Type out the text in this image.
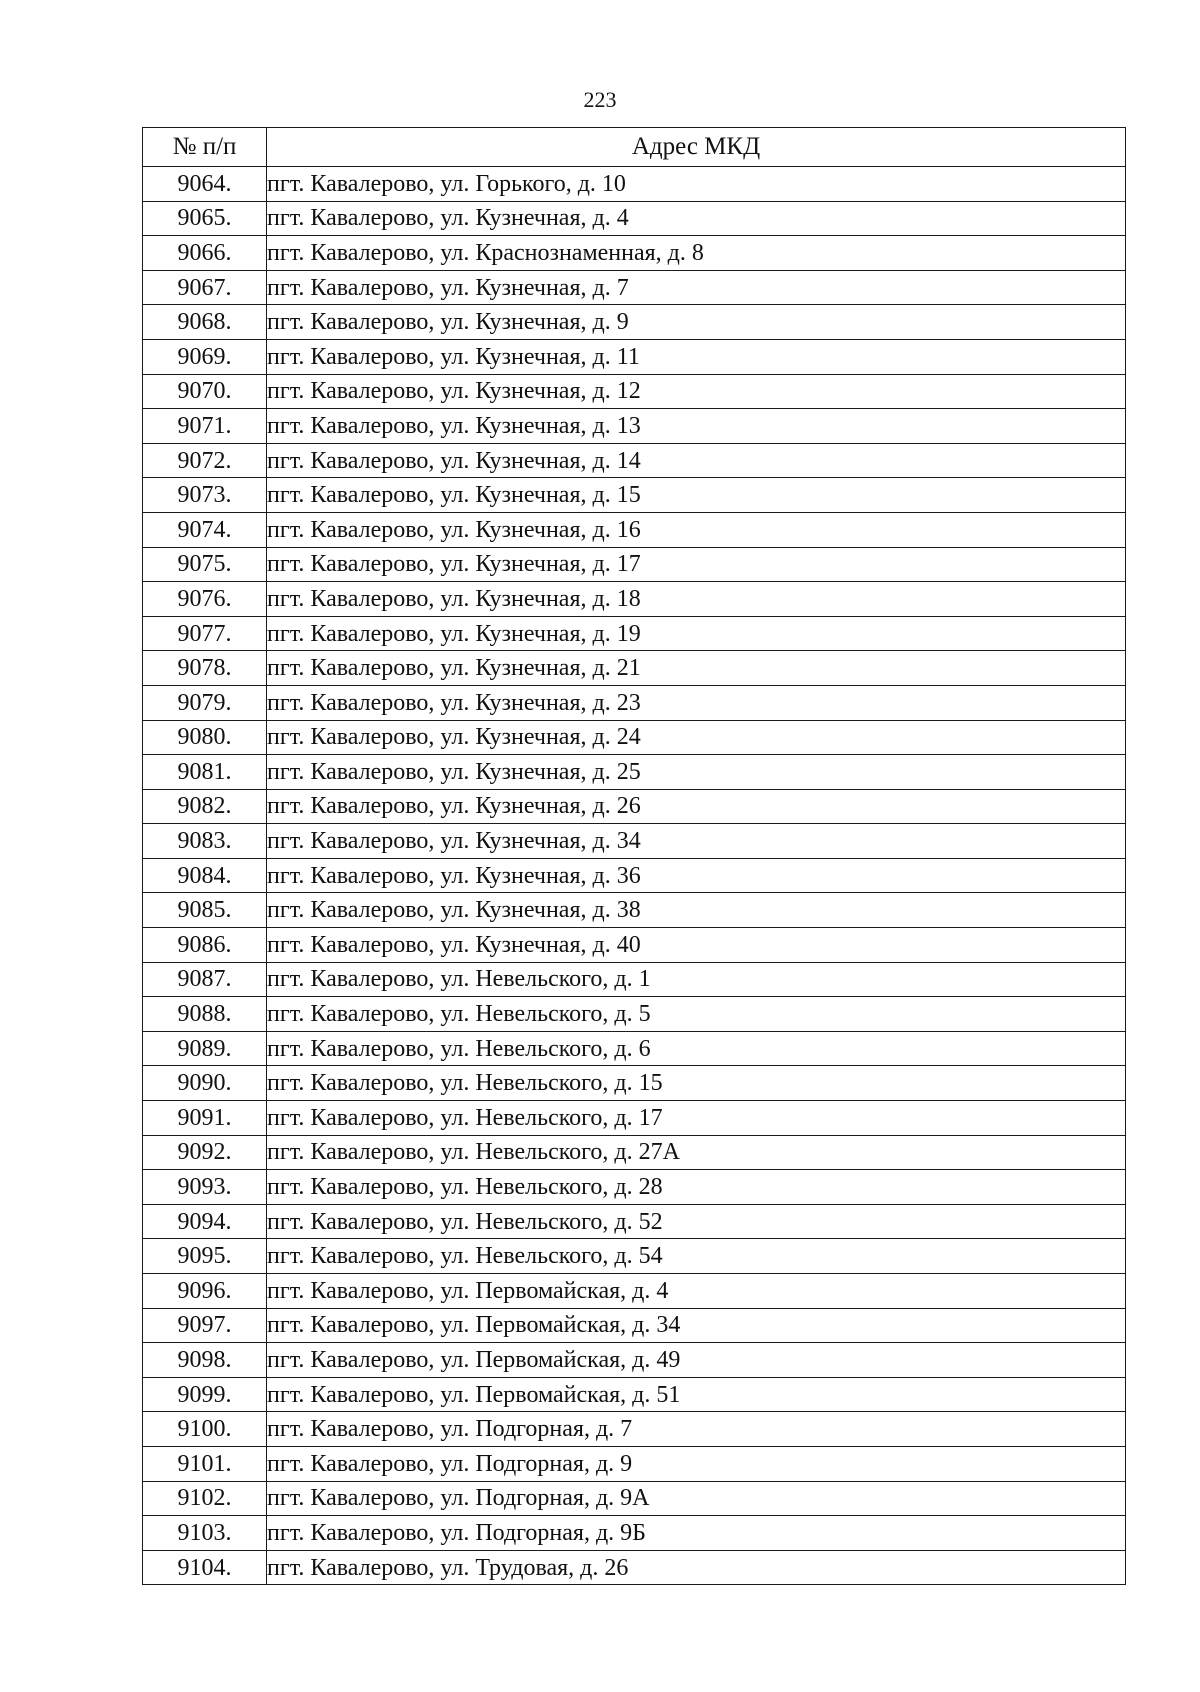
223
№ п/п	Адрес МКД
9064.	пгт. Кавалерово, ул. Горького, д. 10
9065.	пгт. Кавалерово, ул. Кузнечная, д. 4
9066.	пгт. Кавалерово, ул. Краснознаменная, д. 8
9067.	пгт. Кавалерово, ул. Кузнечная, д. 7
9068.	пгт. Кавалерово, ул. Кузнечная, д. 9
9069.	пгт. Кавалерово, ул. Кузнечная, д. 11
9070.	пгт. Кавалерово, ул. Кузнечная, д. 12
9071.	пгт. Кавалерово, ул. Кузнечная, д. 13
9072.	пгт. Кавалерово, ул. Кузнечная, д. 14
9073.	пгт. Кавалерово, ул. Кузнечная, д. 15
9074.	пгт. Кавалерово, ул. Кузнечная, д. 16
9075.	пгт. Кавалерово, ул. Кузнечная, д. 17
9076.	пгт. Кавалерово, ул. Кузнечная, д. 18
9077.	пгт. Кавалерово, ул. Кузнечная, д. 19
9078.	пгт. Кавалерово, ул. Кузнечная, д. 21
9079.	пгт. Кавалерово, ул. Кузнечная, д. 23
9080.	пгт. Кавалерово, ул. Кузнечная, д. 24
9081.	пгт. Кавалерово, ул. Кузнечная, д. 25
9082.	пгт. Кавалерово, ул. Кузнечная, д. 26
9083.	пгт. Кавалерово, ул. Кузнечная, д. 34
9084.	пгт. Кавалерово, ул. Кузнечная, д. 36
9085.	пгт. Кавалерово, ул. Кузнечная, д. 38
9086.	пгт. Кавалерово, ул. Кузнечная, д. 40
9087.	пгт. Кавалерово, ул. Невельского, д. 1
9088.	пгт. Кавалерово, ул. Невельского, д. 5
9089.	пгт. Кавалерово, ул. Невельского, д. 6
9090.	пгт. Кавалерово, ул. Невельского, д. 15
9091.	пгт. Кавалерово, ул. Невельского, д. 17
9092.	пгт. Кавалерово, ул. Невельского, д. 27А
9093.	пгт. Кавалерово, ул. Невельского, д. 28
9094.	пгт. Кавалерово, ул. Невельского, д. 52
9095.	пгт. Кавалерово, ул. Невельского, д. 54
9096.	пгт. Кавалерово, ул. Первомайская, д. 4
9097.	пгт. Кавалерово, ул. Первомайская, д. 34
9098.	пгт. Кавалерово, ул. Первомайская, д. 49
9099.	пгт. Кавалерово, ул. Первомайская, д. 51
9100.	пгт. Кавалерово, ул. Подгорная, д. 7
9101.	пгт. Кавалерово, ул. Подгорная, д. 9
9102.	пгт. Кавалерово, ул. Подгорная, д. 9А
9103.	пгт. Кавалерово, ул. Подгорная, д. 9Б
9104.	пгт. Кавалерово, ул. Трудовая, д. 26
